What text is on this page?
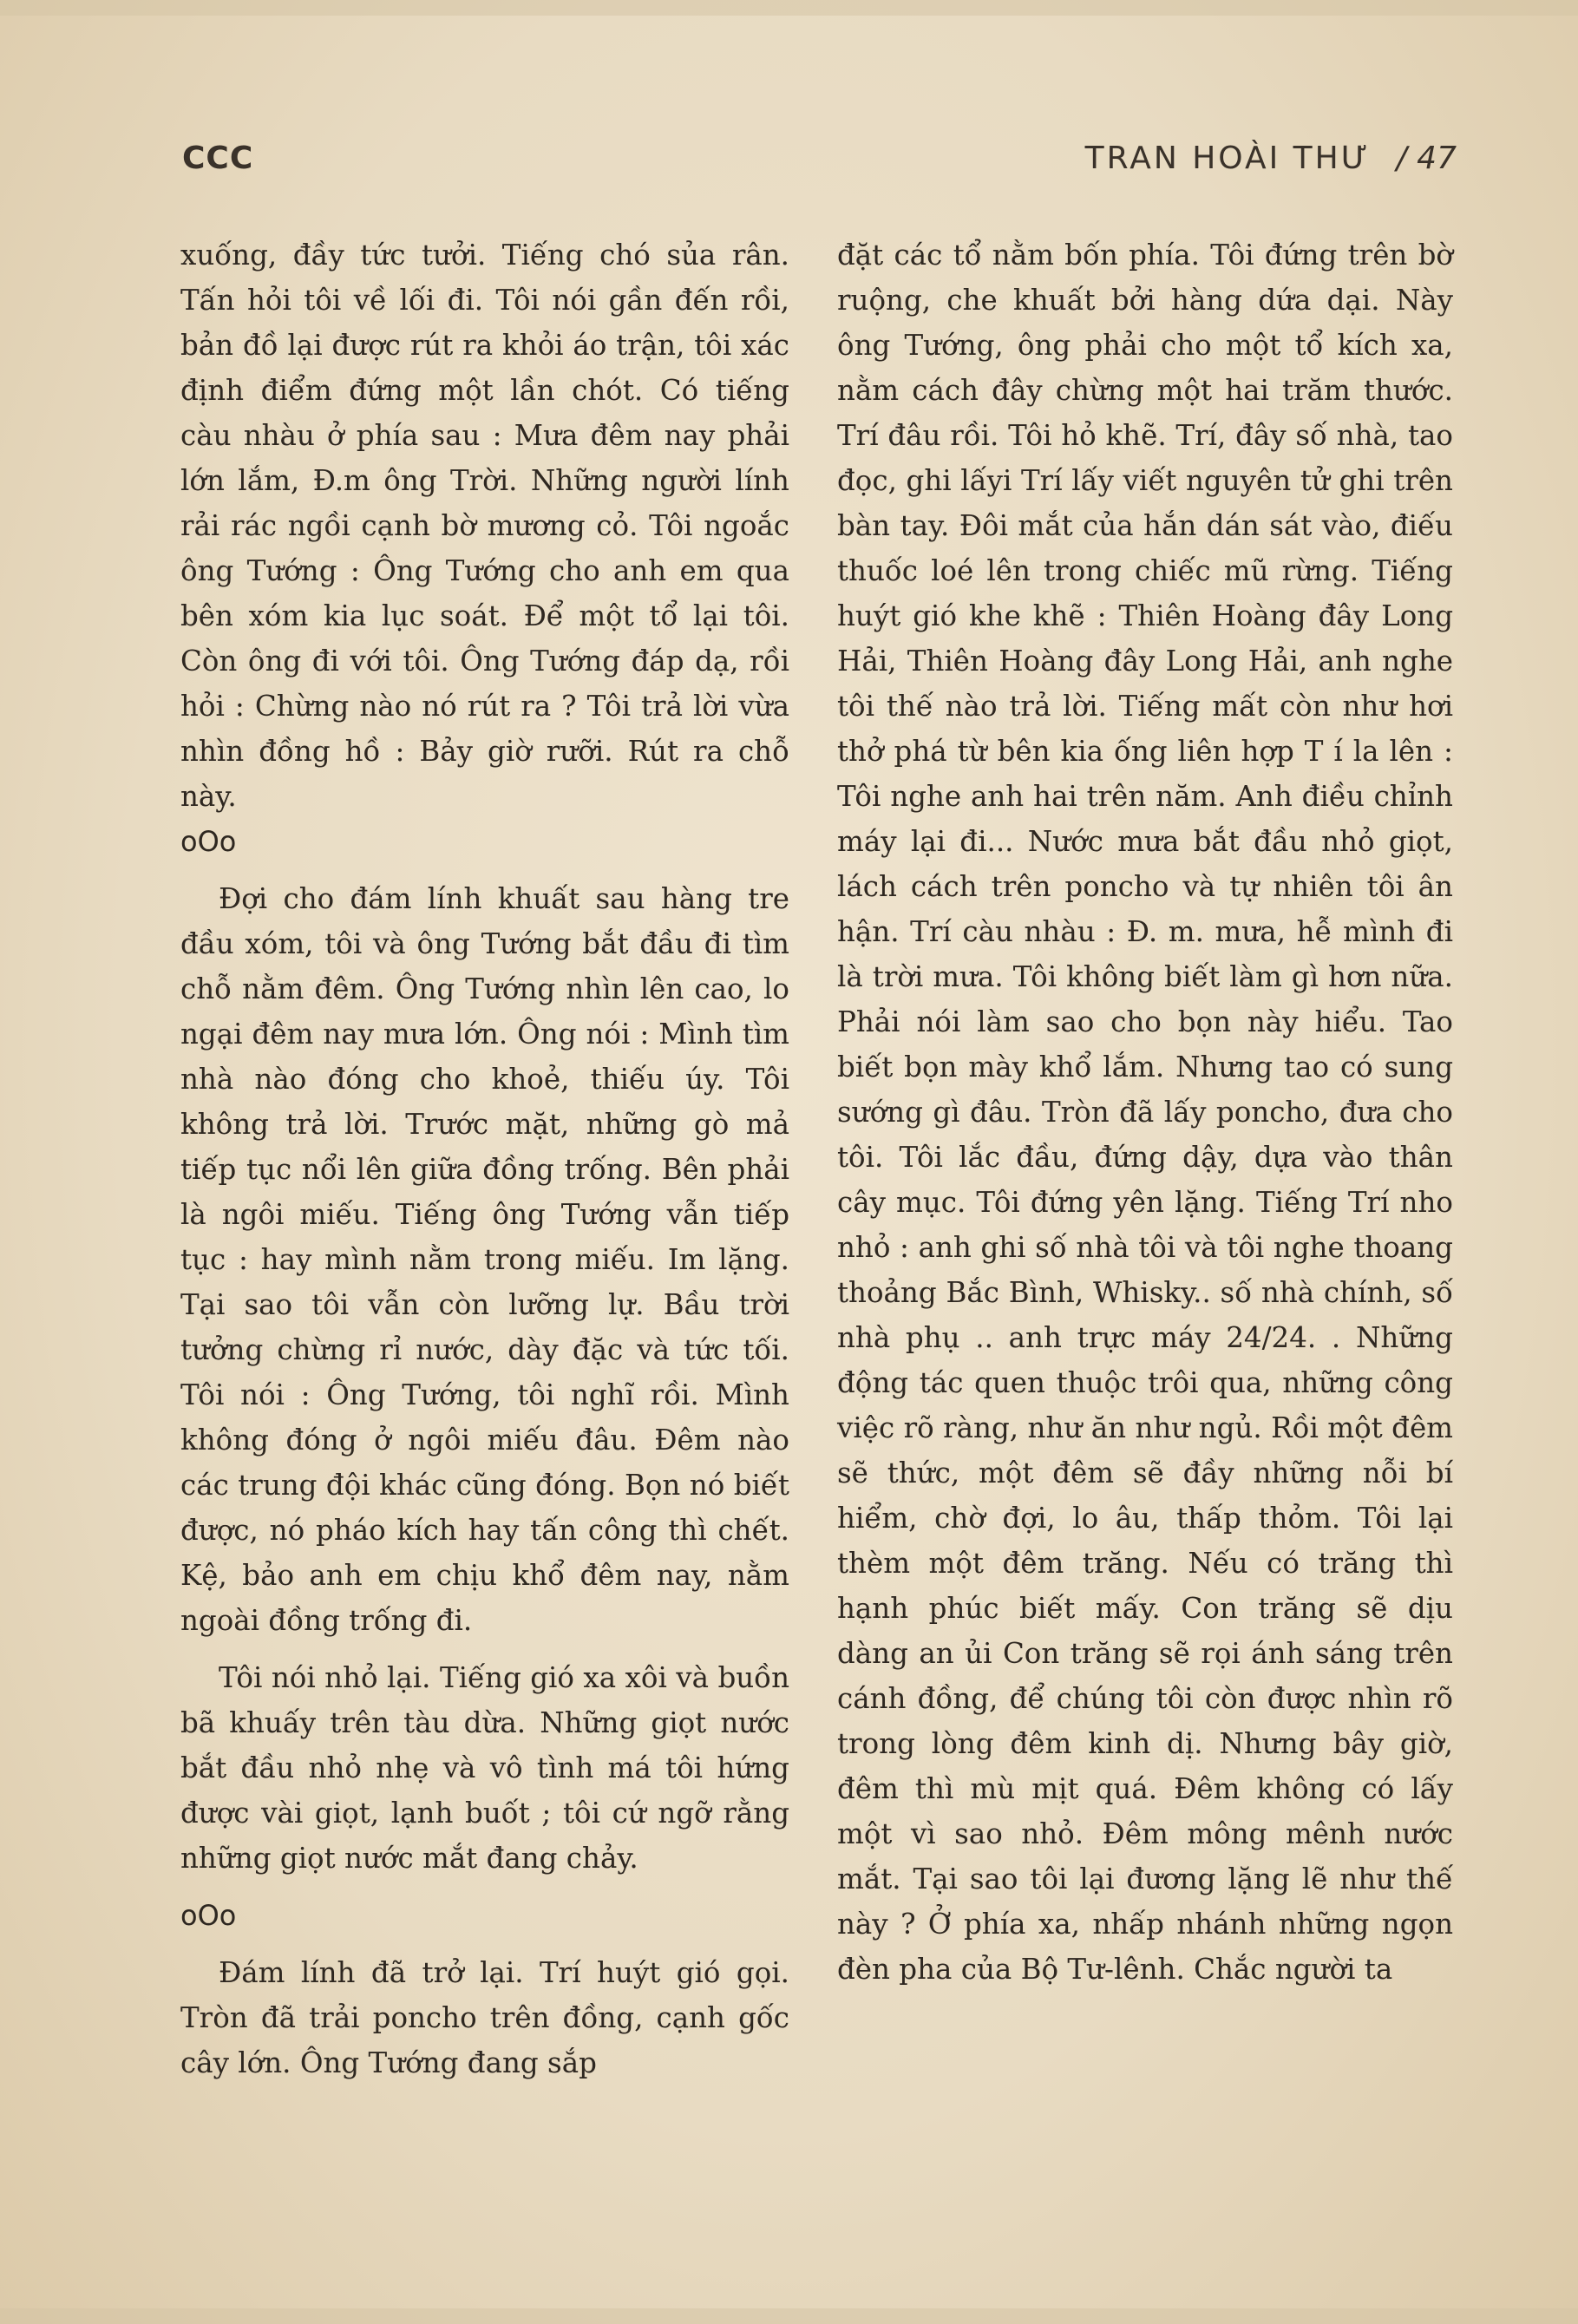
CCC	TRAN HOÀI THƯ / 47

xuống, đầy tức tưởi. Tiếng chó sủa rân. Tấn hỏi tôi về lối đi. Tôi nói gần đến rồi, bản đồ lại được rút ra khỏi áo trận, tôi xác định điểm đứng một lần chót. Có tiếng càu nhàu ở phía sau : Mưa đêm nay phải lớn lắm, Đ.m ông Trời. Những người lính rải rác ngồi cạnh bờ mương cỏ. Tôi ngoắc ông Tướng : Ông Tướng cho anh em qua bên xóm kia lục soát. Để một tổ lại tôi. Còn ông đi với tôi. Ông Tướng đáp dạ, rồi hỏi : Chừng nào nó rút ra ? Tôi trả lời vừa nhìn đồng hồ : Bảy giờ rưỡi. Rút ra chỗ này.

oOo

Đợi cho đám lính khuất sau hàng tre đầu xóm, tôi và ông Tướng bắt đầu đi tìm chỗ nằm đêm. Ông Tướng nhìn lên cao, lo ngại đêm nay mưa lớn. Ông nói : Mình tìm nhà nào đóng cho khoẻ, thiếu úy. Tôi không trả lời. Trước mặt, những gò mả tiếp tục nổi lên giữa đồng trống. Bên phải là ngôi miếu. Tiếng ông Tướng vẫn tiếp tục : hay mình nằm trong miếu. Im lặng. Tại sao tôi vẫn còn lưỡng lự. Bầu trời tưởng chừng rỉ nước, dày đặc và tức tối. Tôi nói : Ông Tướng, tôi nghĩ rồi. Mình không đóng ở ngôi miếu đâu. Đêm nào các trung đội khác cũng đóng. Bọn nó biết được, nó pháo kích hay tấn công thì chết. Kệ, bảo anh em chịu khổ đêm nay, nằm ngoài đồng trống đi.

Tôi nói nhỏ lại. Tiếng gió xa xôi và buồn bã khuấy trên tàu dừa. Những giọt nước bắt đầu nhỏ nhẹ và vô tình má tôi hứng được vài giọt, lạnh buốt ; tôi cứ ngỡ rằng những giọt nước mắt đang chảy.

oOo

Đám lính đã trở lại. Trí huýt gió gọi. Tròn đã trải poncho trên đồng, cạnh gốc cây lớn. Ông Tướng đang sắp

đặt các tổ nằm bốn phía. Tôi đứng trên bờ ruộng, che khuất bởi hàng dứa dại. Này ông Tướng, ông phải cho một tổ kích xa, nằm cách đây chừng một hai trăm thước. Trí đâu rồi. Tôi hỏ khẽ. Trí, đây số nhà, tao đọc, ghi lấyi Trí lấy viết nguyên tử ghi trên bàn tay. Đôi mắt của hắn dán sát vào, điếu thuốc loé lên trong chiếc mũ rừng. Tiếng huýt gió khe khẽ : Thiên Hoàng đây Long Hải, Thiên Hoàng đây Long Hải, anh nghe tôi thế nào trả lời. Tiếng mất còn như hơi thở phá từ bên kia ống liên hợp T í la lên : Tôi nghe anh hai trên năm. Anh điều chỉnh máy lại đi... Nước mưa bắt đầu nhỏ giọt, lách cách trên poncho và tự nhiên tôi ân hận. Trí càu nhàu : Đ. m. mưa, hễ mình đi là trời mưa. Tôi không biết làm gì hơn nữa. Phải nói làm sao cho bọn này hiểu. Tao biết bọn mày khổ lắm. Nhưng tao có sung sướng gì đâu. Tròn đã lấy poncho, đưa cho tôi. Tôi lắc đầu, đứng dậy, dựa vào thân cây mục. Tôi đứng yên lặng. Tiếng Trí nho nhỏ : anh ghi số nhà tôi và tôi nghe thoang thoảng Bắc Bình, Whisky.. số nhà chính, số nhà phụ .. anh trực máy 24/24. . Những động tác quen thuộc trôi qua, những công việc rõ ràng, như ăn như ngủ. Rồi một đêm sẽ thức, một đêm sẽ đầy những nỗi bí hiểm, chờ đợi, lo âu, thấp thỏm. Tôi lại thèm một đêm trăng. Nếu có trăng thì hạnh phúc biết mấy. Con trăng sẽ dịu dàng an ủi Con trăng sẽ rọi ánh sáng trên cánh đồng, để chúng tôi còn được nhìn rõ trong lòng đêm kinh dị. Nhưng bây giờ, đêm thì mù mịt quá. Đêm không có lấy một vì sao nhỏ. Đêm mông mênh nước mắt. Tại sao tôi lại đương lặng lẽ như thế này ? Ở phía xa, nhấp nhánh những ngọn đèn pha của Bộ Tư-lênh. Chắc người ta
